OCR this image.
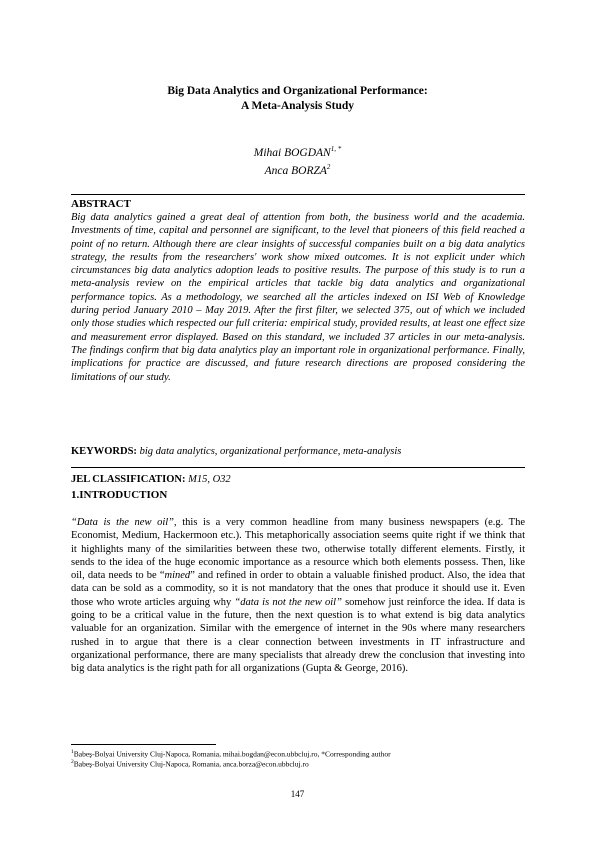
Big Data Analytics and Organizational Performance:
A Meta-Analysis Study
Mihai $BOGDAN^{1, *}$
Anca BORZA$^2$
ABSTRACT
Big data analytics gained a great deal of attention from both, the business world and the academia. Investments of time, capital and personnel are significant, to the level that pioneers of this field reached a point of no return. Although there are clear insights of successful companies built on a big data analytics strategy, the results from the researchers' work show mixed outcomes. It is not explicit under which circumstances big data analytics adoption leads to positive results. The purpose of this study is to run a meta-analysis review on the empirical articles that tackle big data analytics and organizational performance topics. As a methodology, we searched all the articles indexed on ISI Web of Knowledge during period January 2010 – May 2019. After the first filter, we selected 375, out of which we included only those studies which respected our full criteria: empirical study, provided results, at least one effect size and measurement error displayed. Based on this standard, we included 37 articles in our meta-analysis. The findings confirm that big data analytics play an important role in organizational performance. Finally, implications for practice are discussed, and future research directions are proposed considering the limitations of our study.
KEYWORDS: big data analytics, organizational performance, meta-analysis
JEL CLASSIFICATION: M15, O32
1.INTRODUCTION
“Data is the new oil”, this is a very common headline from many business newspapers (e.g. The Economist, Medium, Hackermoon etc.). This metaphorically association seems quite right if we think that it highlights many of the similarities between these two, otherwise totally different elements. Firstly, it sends to the idea of the huge economic importance as a resource which both elements possess. Then, like oil, data needs to be “mined” and refined in order to obtain a valuable finished product. Also, the idea that data can be sold as a commodity, so it is not mandatory that the ones that produce it should use it. Even those who wrote articles arguing why “data is not the new oil” somehow just reinforce the idea. If data is going to be a critical value in the future, then the next question is to what extend is big data analytics valuable for an organization. Similar with the emergence of internet in the 90s where many researchers rushed in to argue that there is a clear connection between investments in IT infrastructure and organizational performance, there are many specialists that already drew the conclusion that investing into big data analytics is the right path for all organizations (Gupta & George, 2016).
$^1$Babeş-Bolyai University Cluj-Napoca, Romania, mihai.bogdan@econ.ubbcluj.ro, *Corresponding author
$^2$Babeş-Bolyai University Cluj-Napoca, Romania, anca.borza@econ.ubbcluj.ro
147
